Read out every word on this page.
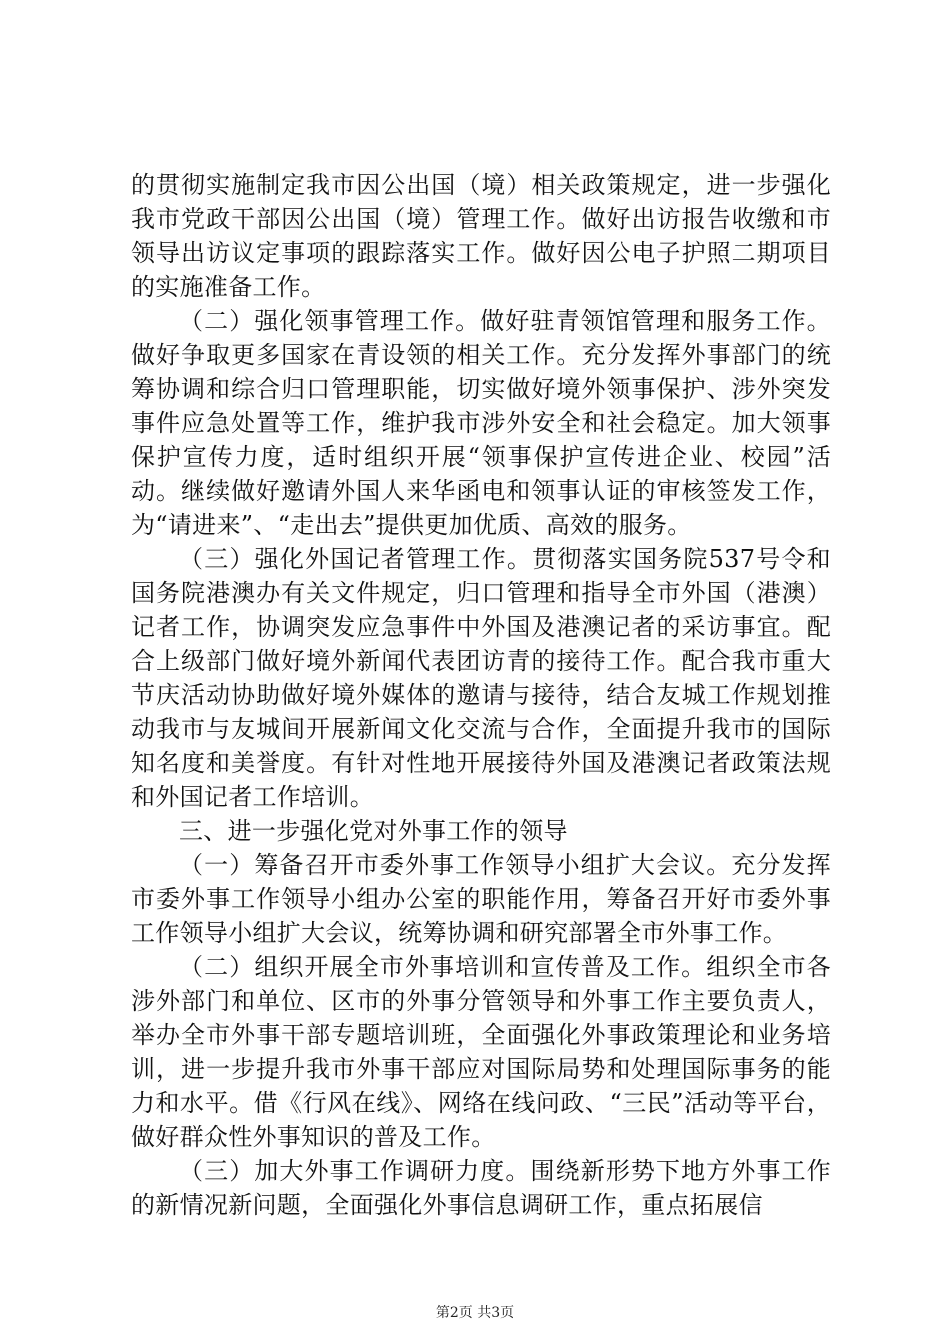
的贯彻实施制定我市因公出国（境）相关政策规定，进一步强化我市党政干部因公出国（境）管理工作。做好出访报告收缴和市领导出访议定事项的跟踪落实工作。做好因公电子护照二期项目的实施准备工作。

（二）强化领事管理工作。做好驻青领馆管理和服务工作。做好争取更多国家在青设领的相关工作。充分发挥外事部门的统筹协调和综合归口管理职能，切实做好境外领事保护、涉外突发事件应急处置等工作，维护我市涉外安全和社会稳定。加大领事保护宣传力度，适时组织开展“领事保护宣传进企业、校园”活动。继续做好邀请外国人来华函电和领事认证的审核签发工作，为“请进来”、“走出去”提供更加优质、高效的服务。

（三）强化外国记者管理工作。贯彻落实国务院537号令和国务院港澳办有关文件规定，归口管理和指导全市外国（港澳）记者工作，协调突发应急事件中外国及港澳记者的采访事宜。配合上级部门做好境外新闻代表团访青的接待工作。配合我市重大节庆活动协助做好境外媒体的邀请与接待，结合友城工作规划推动我市与友城间开展新闻文化交流与合作，全面提升我市的国际知名度和美誉度。有针对性地开展接待外国及港澳记者政策法规和外国记者工作培训。

三、进一步强化党对外事工作的领导

（一）筹备召开市委外事工作领导小组扩大会议。充分发挥市委外事工作领导小组办公室的职能作用，筹备召开好市委外事工作领导小组扩大会议，统筹协调和研究部署全市外事工作。

（二）组织开展全市外事培训和宣传普及工作。组织全市各涉外部门和单位、区市的外事分管领导和外事工作主要负责人，举办全市外事干部专题培训班，全面强化外事政策理论和业务培训，进一步提升我市外事干部应对国际局势和处理国际事务的能力和水平。借《行风在线》、网络在线问政、“三民”活动等平台，做好群众性外事知识的普及工作。

（三）加大外事工作调研力度。围绕新形势下地方外事工作的新情况新问题，全面强化外事信息调研工作，重点拓展信

第2页 共3页
